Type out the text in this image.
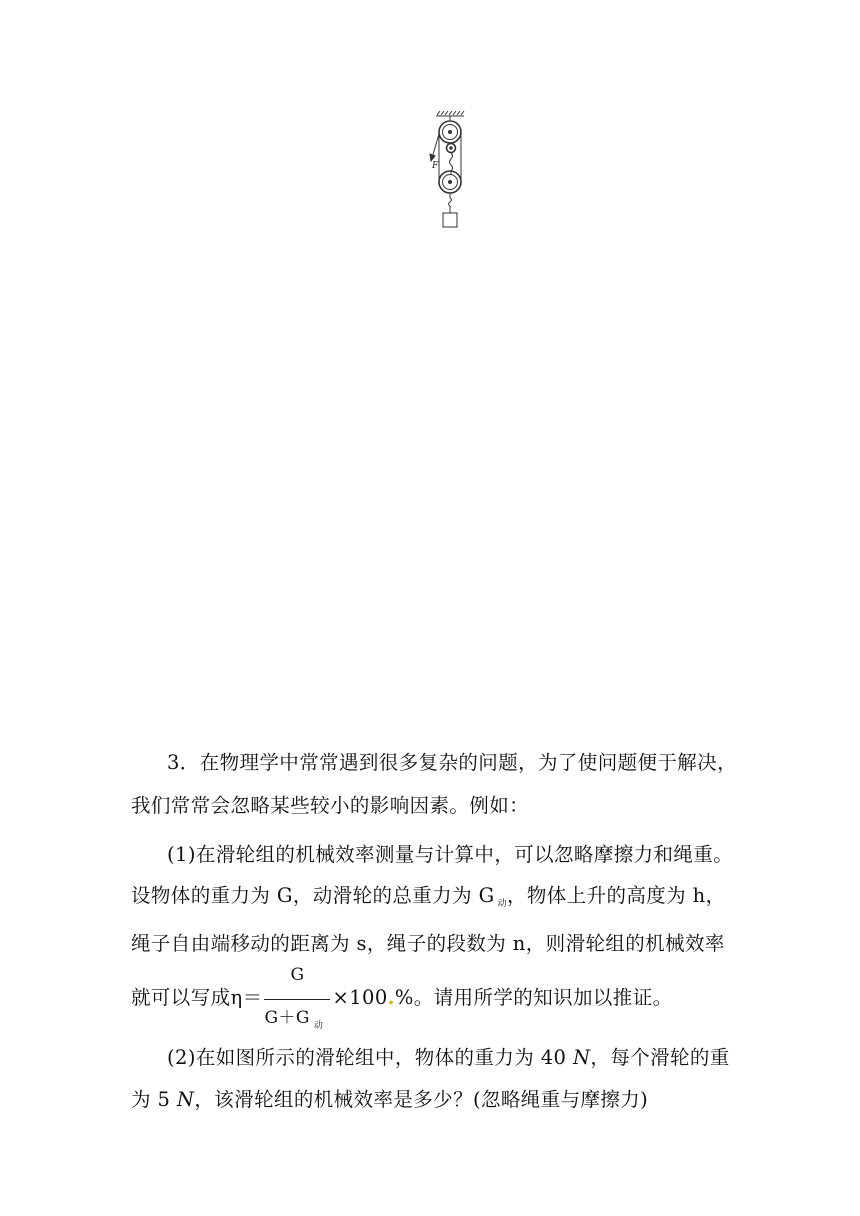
F
3．在物理学中常常遇到很多复杂的问题，为了使问题便于解决，
我们常常会忽略某些较小的影响因素。例如：
(1)在滑轮组的机械效率测量与计算中，可以忽略摩擦力和绳重。
设物体的重力为 G，动滑轮的总重力为 G $_动$，物体上升的高度为 h，
绳子自由端移动的距离为 s，绳子的段数为 n，则滑轮组的机械效率
就可以写成$\eta= \frac{G}{G+G _动} \times 100.\%$。请用所学的知识加以推证。
(2)在如图所示的滑轮组中，物体的重力为 40 N，每个滑轮的重
为 5 N，该滑轮组的机械效率是多少？(忽略绳重与摩擦力)
